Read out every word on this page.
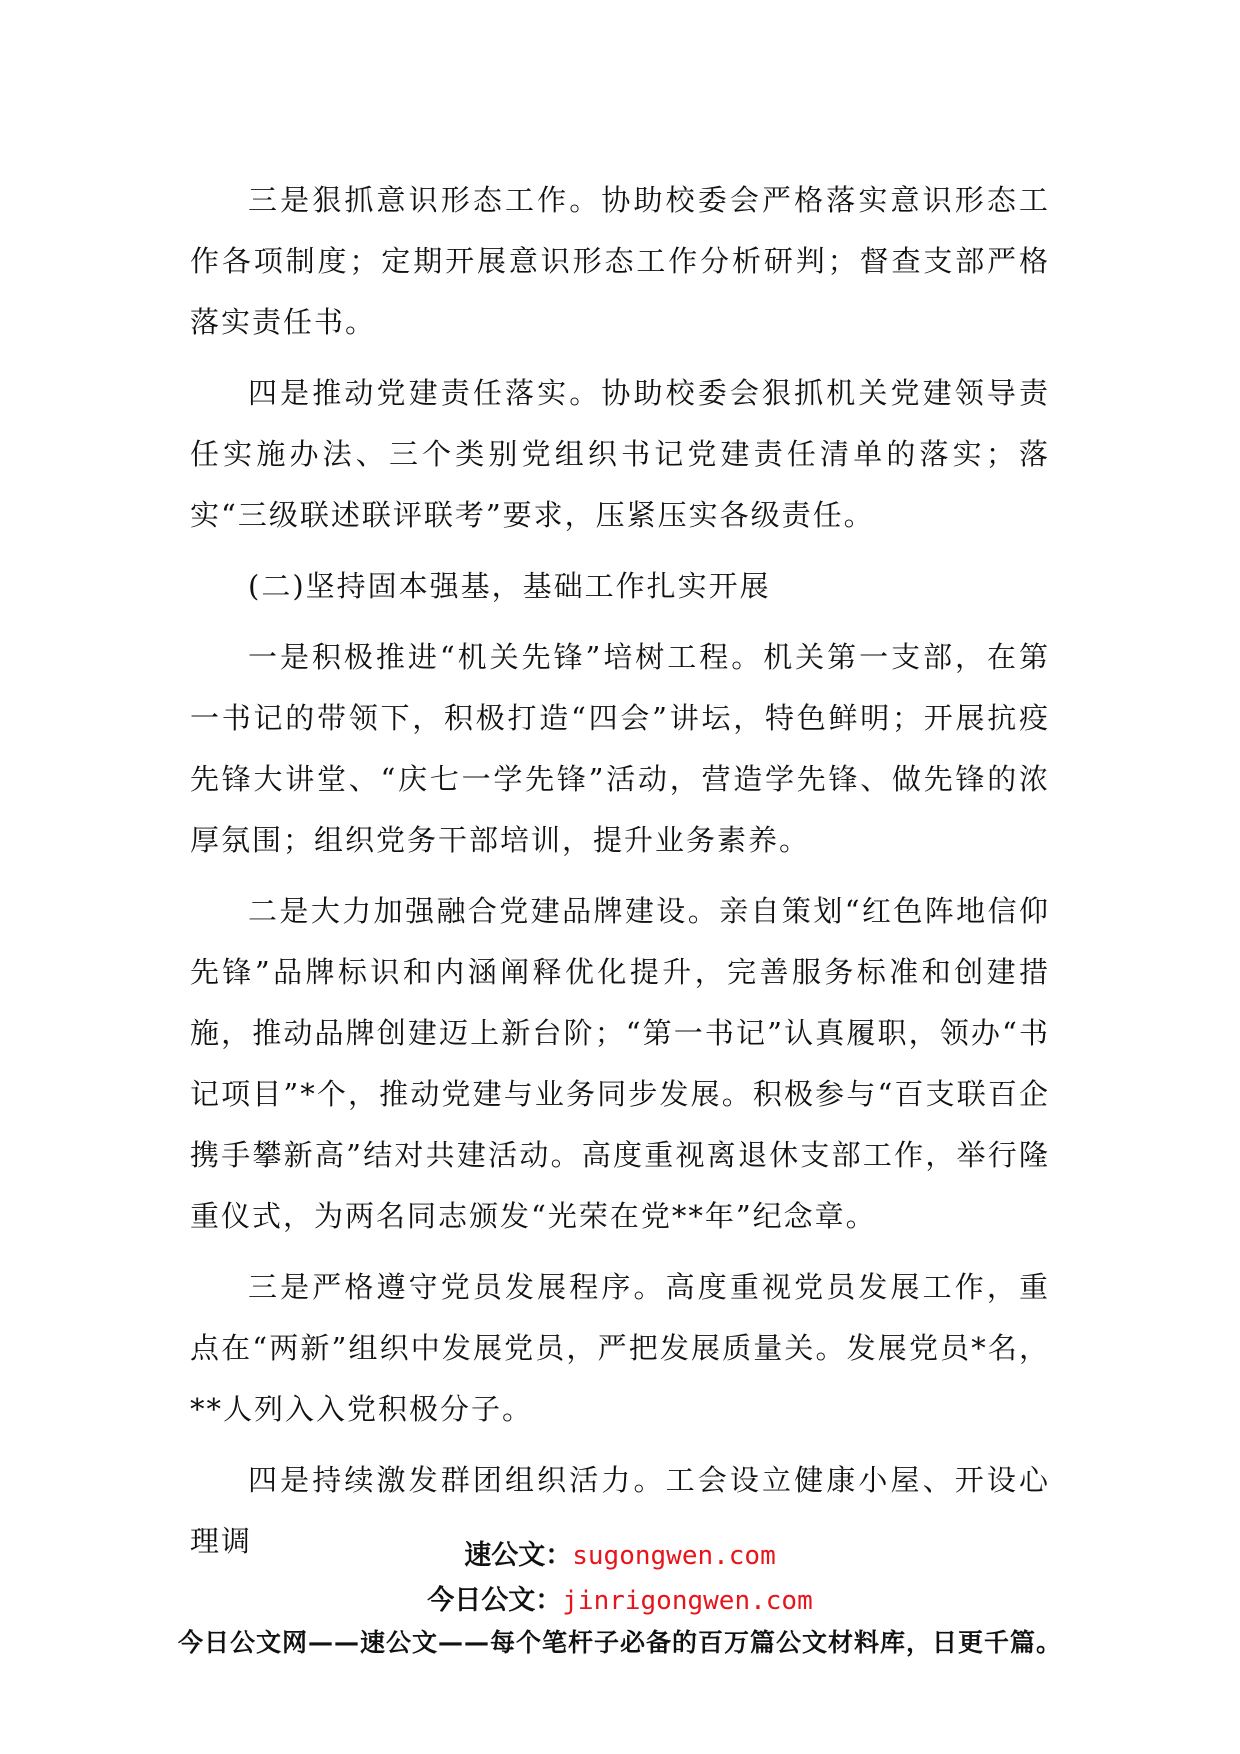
三是狠抓意识形态工作。协助校委会严格落实意识形态工作各项制度；定期开展意识形态工作分析研判；督查支部严格落实责任书。

四是推动党建责任落实。协助校委会狠抓机关党建领导责任实施办法、三个类别党组织书记党建责任清单的落实；落实“三级联述联评联考”要求，压紧压实各级责任。

(二)坚持固本强基，基础工作扎实开展

一是积极推进“机关先锋”培树工程。机关第一支部，在第一书记的带领下，积极打造“四会”讲坛，特色鲜明；开展抗疫先锋大讲堂、“庆七一学先锋”活动，营造学先锋、做先锋的浓厚氛围；组织党务干部培训，提升业务素养。

二是大力加强融合党建品牌建设。亲自策划“红色阵地信仰先锋”品牌标识和内涵阐释优化提升，完善服务标准和创建措施，推动品牌创建迈上新台阶；“第一书记”认真履职，领办“书记项目”*个，推动党建与业务同步发展。积极参与“百支联百企携手攀新高”结对共建活动。高度重视离退休支部工作，举行隆重仪式，为两名同志颁发“光荣在党**年”纪念章。

三是严格遵守党员发展程序。高度重视党员发展工作，重点在“两新”组织中发展党员，严把发展质量关。发展党员*名，**人列入入党积极分子。

四是持续激发群团组织活力。工会设立健康小屋、开设心理调	速公文：sugongwen.com
今日公文：jinrigongwen.com
今日公文网——速公文——每个笔杆子必备的百万篇公文材料库，日更千篇。
